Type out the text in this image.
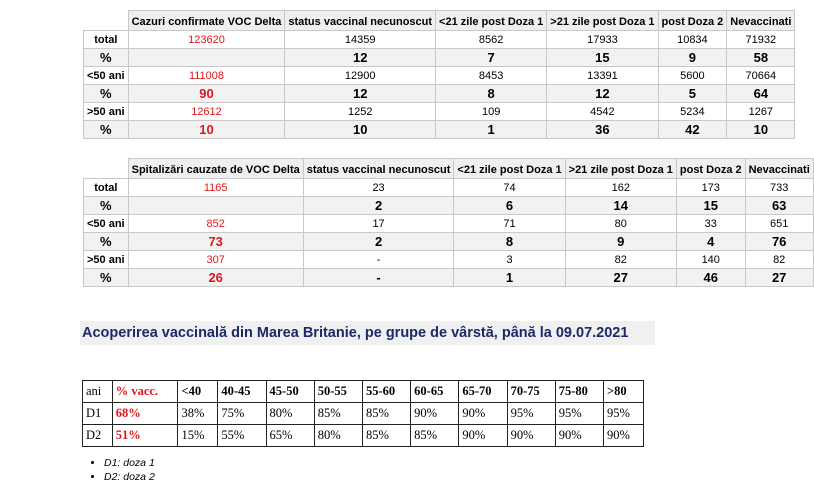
	Cazuri confirmate VOC Delta	status vaccinal necunoscut	<21 zile post Doza 1	>21 zile post Doza 1	post Doza 2	Nevaccinati
total	123620	14359	8562	17933	10834	71932
%		12	7	15	9	58
<50 ani	111008	12900	8453	13391	5600	70664
%	90	12	8	12	5	64
>50 ani	12612	1252	109	4542	5234	1267
%	10	10	1	36	42	10
	Spitalizări cauzate de VOC Delta	status vaccinal necunoscut	<21 zile post Doza 1	>21 zile post Doza 1	post Doza 2	Nevaccinati
total	1165	23	74	162	173	733
%		2	6	14	15	63
<50 ani	852	17	71	80	33	651
%	73	2	8	9	4	76
>50 ani	307	-	3	82	140	82
%	26	-	1	27	46	27
Acoperirea vaccinală din Marea Britanie, pe grupe de vârstă, până la 09.07.2021
ani	% vacc.	<40	40-45	45-50	50-55	55-60	60-65	65-70	70-75	75-80	>80
D1	68%	38%	75%	80%	85%	85%	90%	90%	95%	95%	95%
D2	51%	15%	55%	65%	80%	85%	85%	90%	90%	90%	90%
• D1: doza 1
• D2: doza 2
